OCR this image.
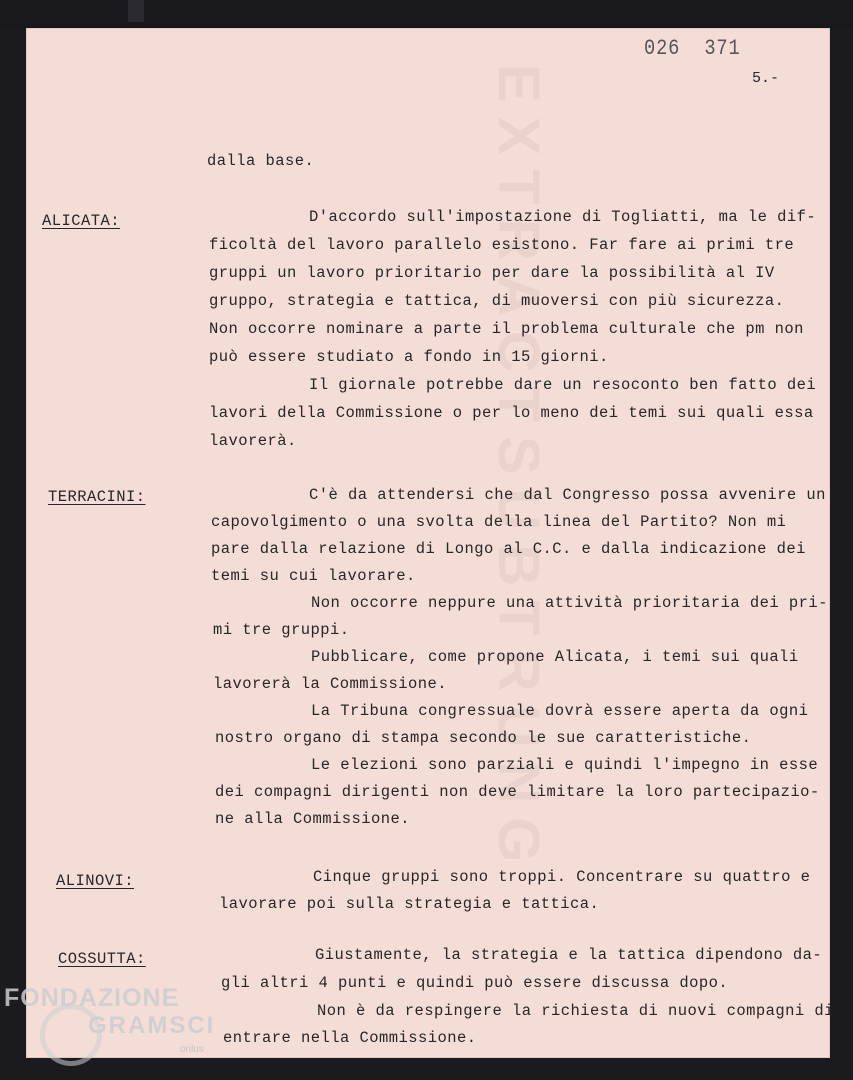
EXTRACTSUBTRUNG
026  371
5.-
dalla base.
ALICATA:	D'accordo sull'impostazione di Togliatti, ma le dif-
ficoltà del lavoro parallelo esistono. Far fare ai primi tre
gruppi un lavoro prioritario per dare la possibilità al IV
gruppo, strategia e tattica, di muoversi con più sicurezza.
Non occorre nominare a parte il problema culturale che pm non
può essere studiato a fondo in 15 giorni.
Il giornale potrebbe dare un resoconto ben fatto dei
lavori della Commissione o per lo meno dei temi sui quali essa
lavorerà.
TERRACINI:	C'è da attendersi che dal Congresso possa avvenire un
capovolgimento o una svolta della linea del Partito? Non mi
pare dalla relazione di Longo al C.C. e dalla indicazione dei
temi su cui lavorare.
Non occorre neppure una attività prioritaria dei pri-
mi tre gruppi.
Pubblicare, come propone Alicata, i temi sui quali
lavorerà la Commissione.
La Tribuna congressuale dovrà essere aperta da ogni
nostro organo di stampa secondo le sue caratteristiche.
Le elezioni sono parziali e quindi l'impegno in esse
dei compagni dirigenti non deve limitare la loro partecipazio-
ne alla Commissione.
ALINOVI:	Cinque gruppi sono troppi. Concentrare su quattro e
lavorare poi sulla strategia e tattica.
COSSUTTA:	Giustamente, la strategia e la tattica dipendono da-
gli altri 4 punti e quindi può essere discussa dopo.
Non è da respingere la richiesta di nuovi compagni di
entrare nella Commissione.
FONDAZIONE
GRAMSCI
onlus
